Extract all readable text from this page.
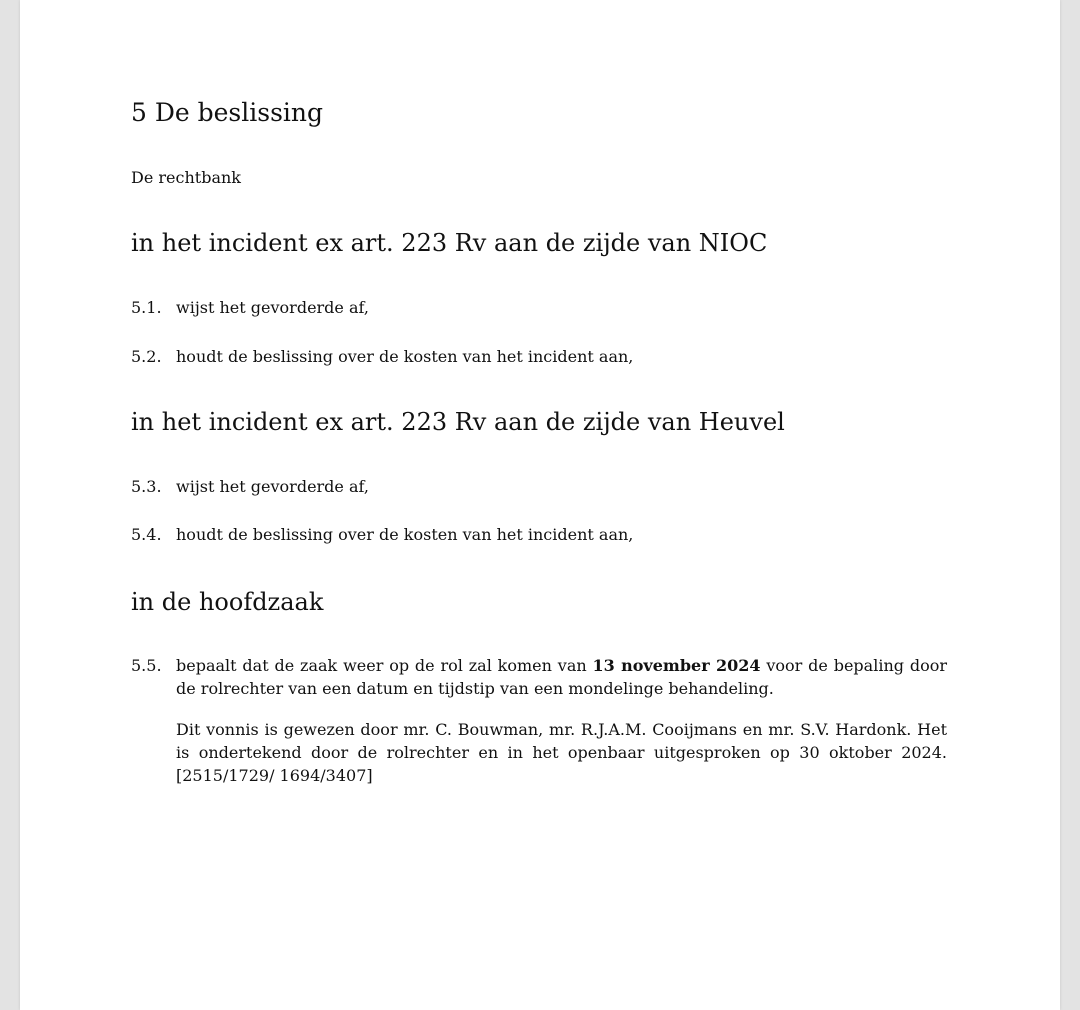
5 De beslissing

De rechtbank

in het incident ex art. 223 Rv aan de zijde van NIOC
5.1. wijst het gevorderde af,
5.2. houdt de beslissing over de kosten van het incident aan,
in het incident ex art. 223 Rv aan de zijde van Heuvel
5.3. wijst het gevorderde af,
5.4. houdt de beslissing over de kosten van het incident aan,
in de hoofdzaak
5.5. bepaalt dat de zaak weer op de rol zal komen van 13 november 2024 voor de bepaling door de rolrechter van een datum en tijdstip van een mondelinge behandeling.
Dit vonnis is gewezen door mr. C. Bouwman, mr. R.J.A.M. Cooijmans en mr. S.V. Hardonk. Het is ondertekend door de rolrechter en in het openbaar uitgesproken op 30 oktober 2024. [2515/1729/ 1694/3407]
